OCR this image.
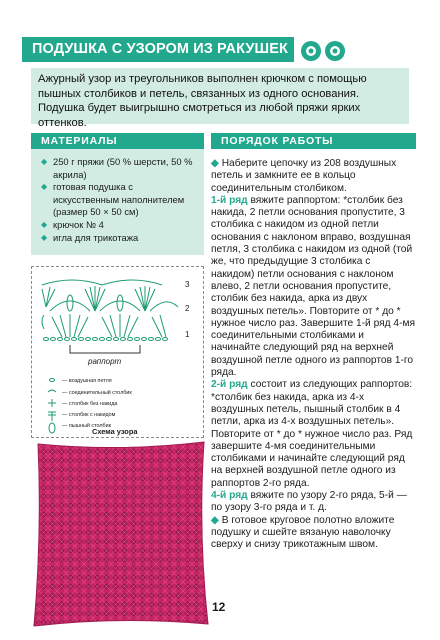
ПОДУШКА С УЗОРОМ ИЗ РАКУШЕК
Ажурный узор из треугольников выполнен крючком с помощью пышных столбиков и петель, связанных из одного основания. Подушка будет выигрышно смотреться из любой пряжи ярких оттенков.
МАТЕРИАЛЫ
◆ 250 г пряжи (50 % шерсти, 50 % акрила)
◆ готовая подушка с искусственным наполнителем (размер 50 × 50 см)
◆ крючок № 4
◆ игла для трикотажа
3
2
1
раппорт
— воздушная петля
— соединительный столбик
— столбик без накида
— столбик с накидом
— пышный столбик
Схема узора
ПОРЯДОК РАБОТЫ

◆ Наберите цепочку из 208 воздушных петель и замкните ее в кольцо соединительным столбиком.

1-й ряд вяжите раппортом: *столбик без накида, 2 петли основания пропустите, 3 столбика с накидом из одной петли основания с наклоном вправо, воздушная петля, 3 столбика с накидом из одной (той же, что предыдущие 3 столбика с накидом) петли основания с наклоном влево, 2 петли основания пропустите, столбик без накида, арка из двух воздушных петель». Повторите от * до * нужное число раз. Завершите 1-й ряд 4-мя соединительными столбиками и начинайте следующий ряд на верхней воздушной петле одного из раппортов 1-го ряда.

2-й ряд состоит из следующих раппортов: *столбик без накида, арка из 4-х воздушных петель, пышный столбик в 4 петли, арка из 4-х воздушных петель». Повторите от * до * нужное число раз. Ряд завершите 4-мя соединительными столбиками и начинайте следующий ряд на верхней воздушной петле одного из раппортов 2-го ряда.

4-й ряд вяжите по узору 2-го ряда, 5-й — по узору 3-го ряда и т. д.

◆ В готовое круговое полотно вложите подушку и сшейте вязаную наволочку сверху и снизу трикотажным швом.

12
